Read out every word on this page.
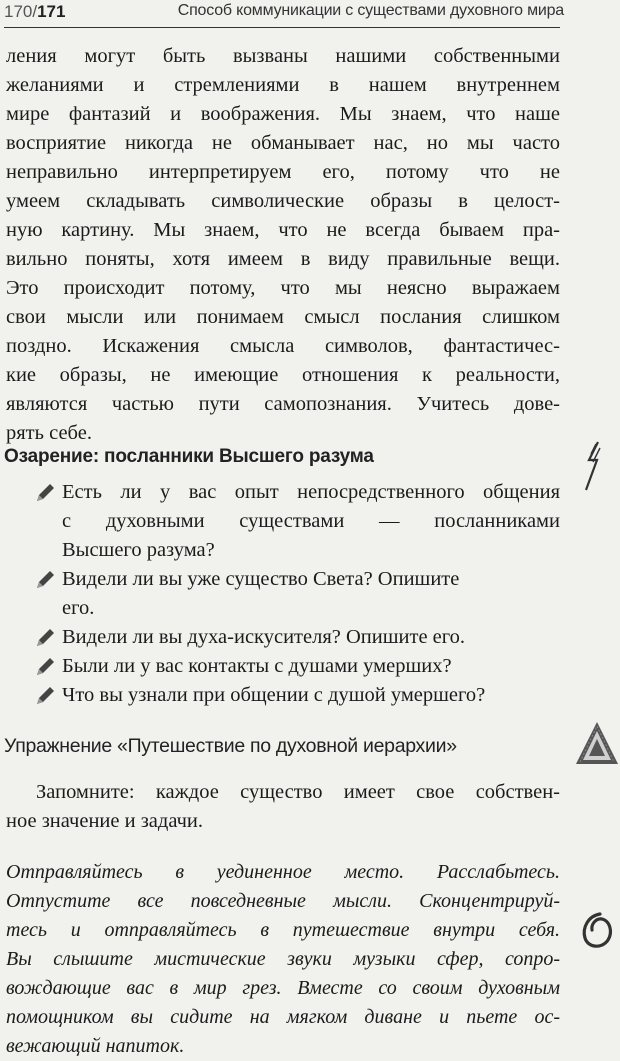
170/171	Способ коммуникации с существами духовного мира
ления могут быть вызваны нашими собственными
желаниями и стремлениями в нашем внутреннем
мире фантазий и воображения. Мы знаем, что наше
восприятие никогда не обманывает нас, но мы часто
неправильно интерпретируем его, потому что не
умеем складывать символические образы в целост-
ную картину. Мы знаем, что не всегда бываем пра-
вильно поняты, хотя имеем в виду правильные вещи.
Это происходит потому, что мы неясно выражаем
свои мысли или понимаем смысл послания слишком
поздно. Искажения смысла символов, фантастичес-
кие образы, не имеющие отношения к реальности,
являются частью пути самопознания. Учитесь дове-
рять себе.
Озарение: посланники Высшего разума
Есть ли у вас опыт непосредственного общения
с духовными существами — посланниками
Высшего разума?
Видели ли вы уже существо Света? Опишите
его.
Видели ли вы духа-искусителя? Опишите его.
Были ли у вас контакты с душами умерших?
Что вы узнали при общении с душой умершего?
Упражнение «Путешествие по духовной иерархии»
Запомните: каждое существо имеет свое собствен-
ное значение и задачи.
Отправляйтесь в уединенное место. Расслабьтесь.
Отпустите все повседневные мысли. Сконцентрируй-
тесь и отправляйтесь в путешествие внутри себя.
Вы слышите мистические звуки музыки сфер, сопро-
вождающие вас в мир грез. Вместе со своим духовным
помощником вы сидите на мягком диване и пьете ос-
вежающий напиток.
